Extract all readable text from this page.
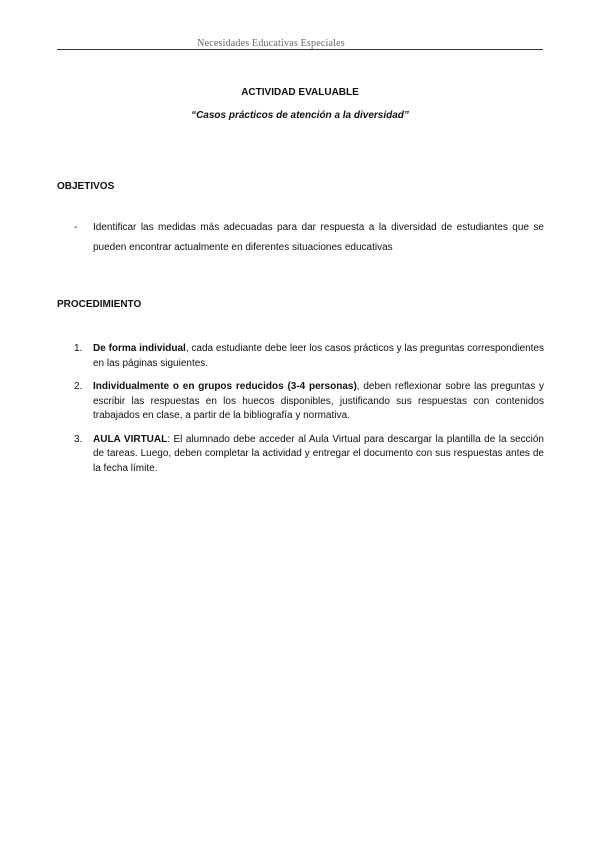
Necesidades Educativas Especiales
ACTIVIDAD EVALUABLE
“Casos prácticos de atención a la diversidad”
OBJETIVOS
-	Identificar las medidas más adecuadas para dar respuesta a la diversidad de estudiantes que se pueden encontrar actualmente en diferentes situaciones educativas
PROCEDIMIENTO
1. De forma individual, cada estudiante debe leer los casos prácticos y las preguntas correspondientes en las páginas siguientes.
2. Individualmente o en grupos reducidos (3-4 personas), deben reflexionar sobre las preguntas y escribir las respuestas en los huecos disponibles, justificando sus respuestas con contenidos trabajados en clase, a partir de la bibliografía y normativa.
3. AULA VIRTUAL: El alumnado debe acceder al Aula Virtual para descargar la plantilla de la sección de tareas. Luego, deben completar la actividad y entregar el documento con sus respuestas antes de la fecha límite.
